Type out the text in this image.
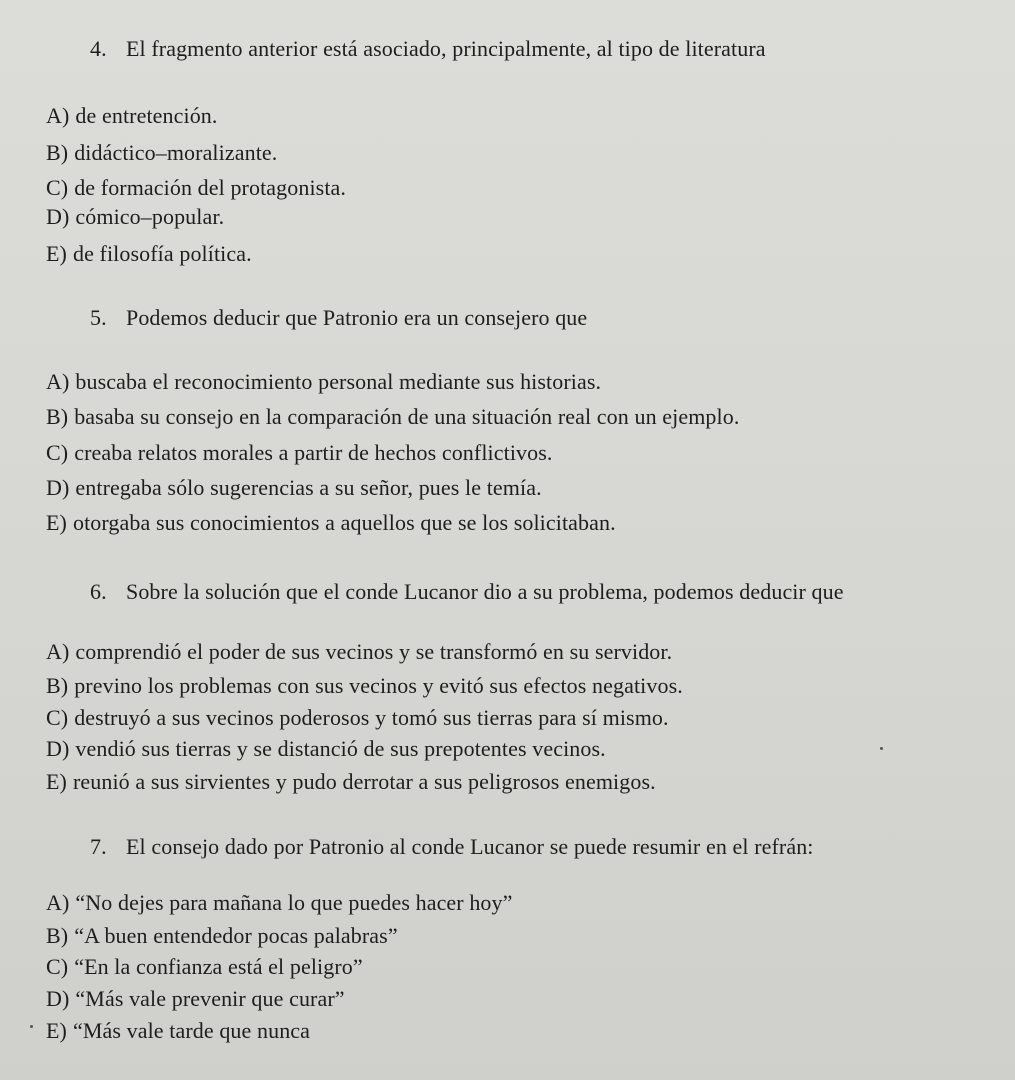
4. El fragmento anterior está asociado, principalmente, al tipo de literatura
A) de entretención.
B) didáctico–moralizante.
C) de formación del protagonista.
D) cómico–popular.
E) de filosofía política.
5. Podemos deducir que Patronio era un consejero que
A) buscaba el reconocimiento personal mediante sus historias.
B) basaba su consejo en la comparación de una situación real con un ejemplo.
C) creaba relatos morales a partir de hechos conflictivos.
D) entregaba sólo sugerencias a su señor, pues le temía.
E) otorgaba sus conocimientos a aquellos que se los solicitaban.
6. Sobre la solución que el conde Lucanor dio a su problema, podemos deducir que
A) comprendió el poder de sus vecinos y se transformó en su servidor.
B) previno los problemas con sus vecinos y evitó sus efectos negativos.
C) destruyó a sus vecinos poderosos y tomó sus tierras para sí mismo.
D) vendió sus tierras y se distanció de sus prepotentes vecinos.
E) reunió a sus sirvientes y pudo derrotar a sus peligrosos enemigos.
7. El consejo dado por Patronio al conde Lucanor se puede resumir en el refrán:
A) “No dejes para mañana lo que puedes hacer hoy”
B) “A buen entendedor pocas palabras”
C) “En la confianza está el peligro”
D) “Más vale prevenir que curar”
E) “Más vale tarde que nunca
